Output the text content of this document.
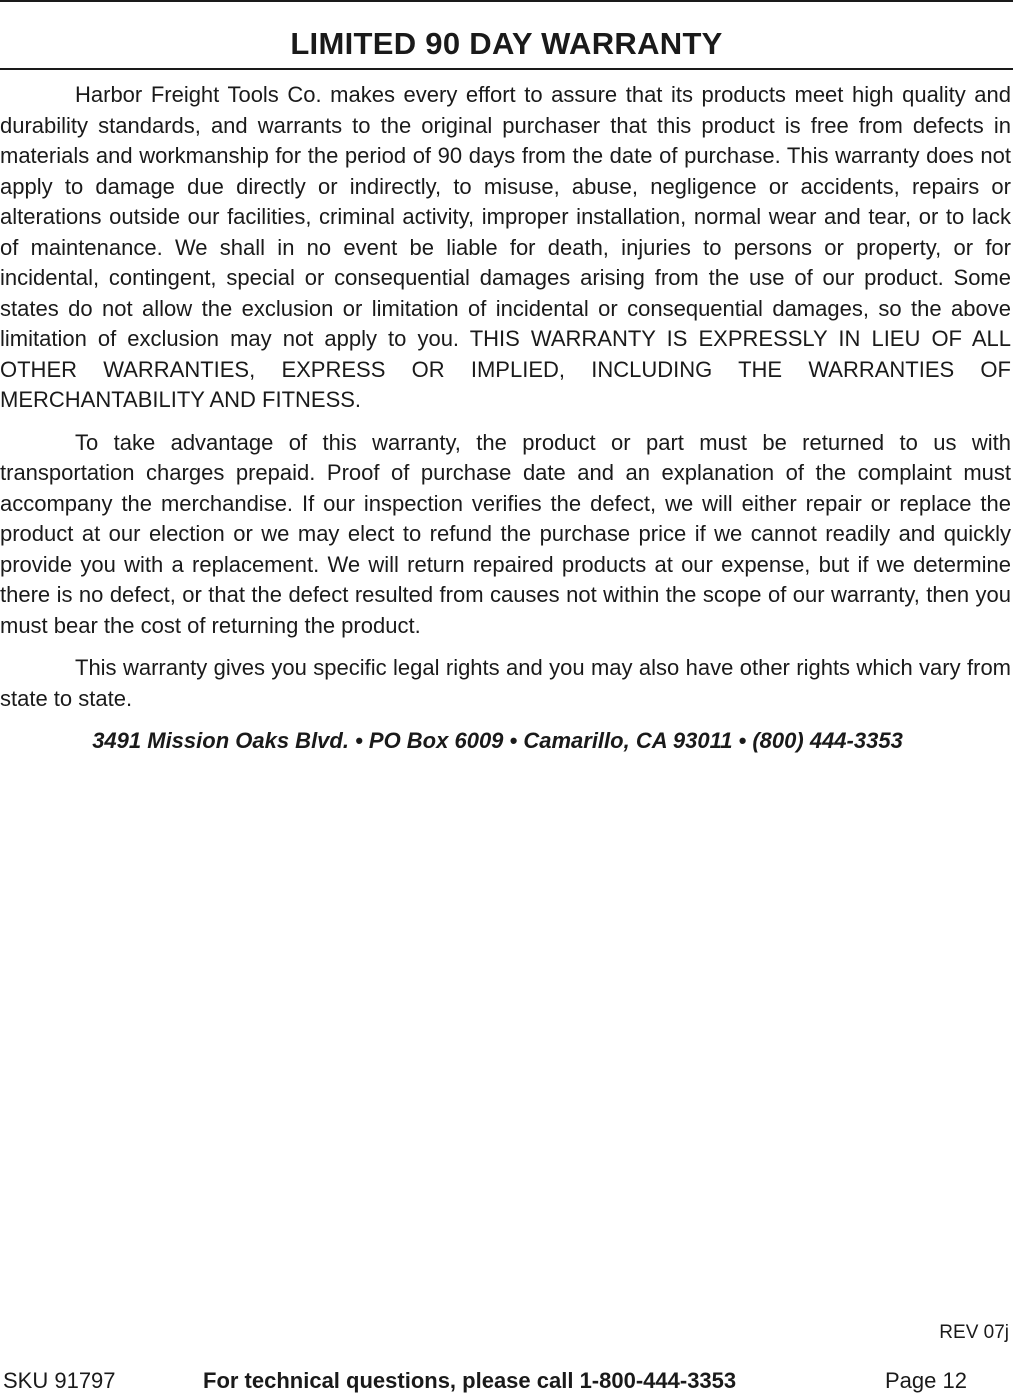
LIMITED 90 DAY WARRANTY

Harbor Freight Tools Co. makes every effort to assure that its products meet high quality and durability standards, and warrants to the original purchaser that this product is free from defects in materials and workmanship for the period of 90 days from the date of purchase. This warranty does not apply to damage due directly or indirectly, to misuse, abuse, negligence or accidents, repairs or alterations outside our facilities, criminal activity, improper installation, normal wear and tear, or to lack of maintenance. We shall in no event be liable for death, injuries to persons or property, or for incidental, contingent, special or consequential damages arising from the use of our product. Some states do not allow the exclusion or limitation of incidental or consequential damages, so the above limitation of exclusion may not apply to you. THIS WARRANTY IS EXPRESSLY IN LIEU OF ALL OTHER WARRANTIES, EXPRESS OR IMPLIED, INCLUDING THE WARRANTIES OF MERCHANTABILITY AND FITNESS.

To take advantage of this warranty, the product or part must be returned to us with transportation charges prepaid. Proof of purchase date and an explanation of the complaint must accompany the merchandise. If our inspection verifies the defect, we will either repair or replace the product at our election or we may elect to refund the purchase price if we cannot readily and quickly provide you with a replacement. We will return repaired products at our expense, but if we determine there is no defect, or that the defect resulted from causes not within the scope of our warranty, then you must bear the cost of returning the product.

This warranty gives you specific legal rights and you may also have other rights which vary from state to state.

3491 Mission Oaks Blvd. • PO Box 6009 • Camarillo, CA 93011 • (800) 444-3353

REV 07j
SKU 91797	For technical questions, please call 1-800-444-3353	Page 12
